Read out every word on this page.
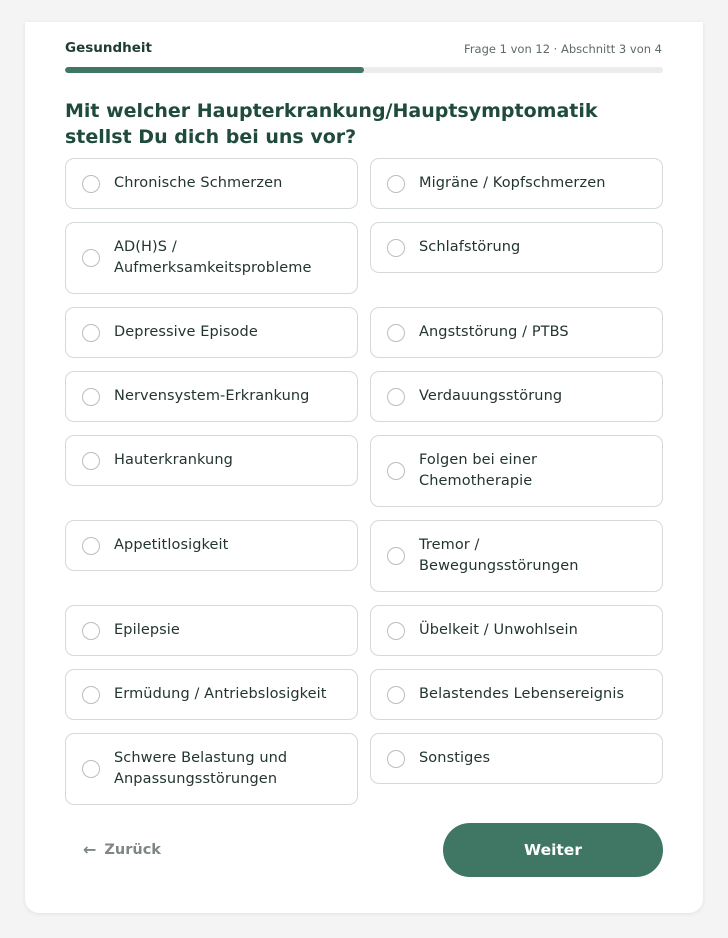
Gesundheit	Frage 1 von 12 · Abschnitt 3 von 4
Mit welcher Haupterkrankung/Hauptsymptomatik stellst Du dich bei uns vor?
Chronische Schmerzen	Migräne / Kopfschmerzen
AD(H)S / Aufmerksamkeitsprobleme
Schlafstörung
Depressive Episode	Angststörung / PTBS
Nervensystem-Erkrankung	Verdauungsstörung
Hauterkrankung	Folgen bei einer Chemotherapie
Appetitlosigkeit	Tremor / Bewegungsstörungen
Epilepsie	Übelkeit / Unwohlsein
Ermüdung / Antriebslosigkeit	Belastendes Lebensereignis
Schwere Belastung und Anpassungsstörungen
Sonstiges
← Zurück	Weiter
